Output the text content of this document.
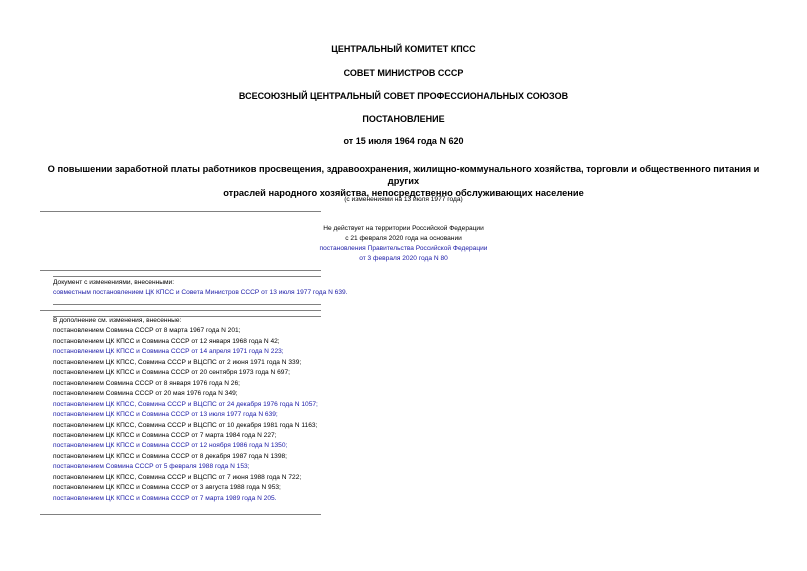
ЦЕНТРАЛЬНЫЙ КОМИТЕТ КПСС
СОВЕТ МИНИСТРОВ СССР
ВСЕСОЮЗНЫЙ ЦЕНТРАЛЬНЫЙ СОВЕТ ПРОФЕССИОНАЛЬНЫХ СОЮЗОВ
ПОСТАНОВЛЕНИЕ
от 15 июля 1964 года N 620
О повышении заработной платы работников просвещения, здравоохранения, жилищно-коммунального хозяйства, торговли и общественного питания и других
отраслей народного хозяйства, непосредственно обслуживающих население
(с изменениями на 13 июля 1977 года)
Не действует на территории Российской Федерации
с 21 февраля 2020 года на основании
постановления Правительства Российской Федерации
от 3 февраля 2020 года N 80
Документ с изменениями, внесенными:
совместным постановлением ЦК КПСС и Совета Министров СССР от 13 июля 1977 года N 639.
В дополнение см. изменения, внесенные:
постановлением Совмина СССР от 8 марта 1967 года N 201;
постановлением ЦК КПСС и Совмина СССР от 12 января 1968 года N 42;
постановлением ЦК КПСС и Совмина СССР от 14 апреля 1971 года N 223;
постановлением ЦК КПСС, Совмина СССР и ВЦСПС от 2 июня 1971 года N 339;
постановлением ЦК КПСС и Совмина СССР от 20 сентября 1973 года N 697;
постановлением Совмина СССР от 8 января 1976 года N 26;
постановлением Совмина СССР от 20 мая 1976 года N 349;
постановлением ЦК КПСС, Совмина СССР и ВЦСПС от 24 декабря 1976 года N 1057;
постановлением ЦК КПСС и Совмина СССР от 13 июля 1977 года N 639;
постановлением ЦК КПСС, Совмина СССР и ВЦСПС от 10 декабря 1981 года N 1163;
постановлением ЦК КПСС и Совмина СССР от 7 марта 1984 года N 227;
постановлением ЦК КПСС и Совмина СССР от 12 ноября 1986 года N 1350;
постановлением ЦК КПСС и Совмина СССР от 8 декабря 1987 года N 1398;
постановлением Совмина СССР от 5 февраля 1988 года N 153;
постановлением ЦК КПСС, Совмина СССР и ВЦСПС от 7 июня 1988 года N 722;
постановлением ЦК КПСС и Совмина СССР от 3 августа 1988 года N 953;
постановлением ЦК КПСС и Совмина СССР от 7 марта 1989 года N 205.
